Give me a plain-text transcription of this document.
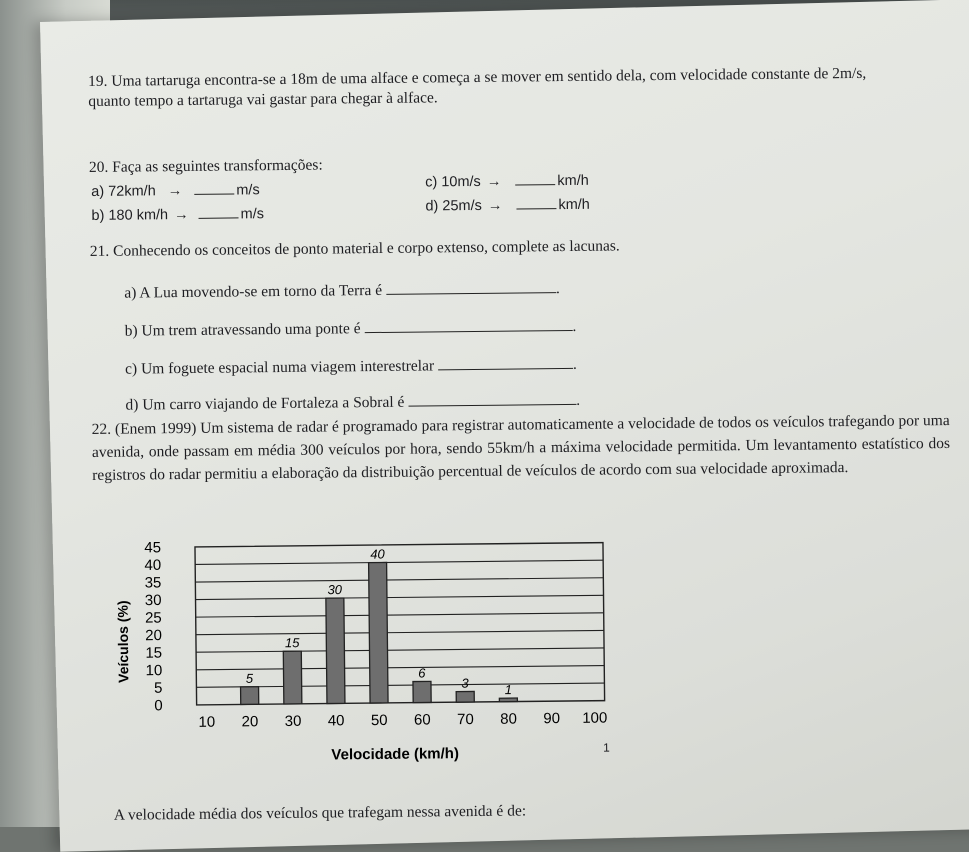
19. Uma tartaruga encontra-se a 18m de uma alface e começa a se mover em sentido dela, com velocidade constante de 2m/s, quanto tempo a tartaruga vai gastar para chegar à alface.

20. Faça as seguintes transformações:

a) 72km/h →	m/s
b) 180 km/h →	m/s
c) 10m/s →	km/h
d) 25m/s →	km/h

21. Conhecendo os conceitos de ponto material e corpo extenso, complete as lacunas.

a) A Lua movendo-se em torno da Terra é	.
b) Um trem atravessando uma ponte é	.
c) Um foguete espacial numa viagem interestrelar	.
d) Um carro viajando de Fortaleza a Sobral é	.

22. (Enem 1999) Um sistema de radar é programado para registrar automaticamente a velocidade de todos os veículos trafegando por uma avenida, onde passam em média 300 veículos por hora, sendo 55km/h a máxima velocidade permitida. Um levantamento estatístico dos registros do radar permitiu a elaboração da distribuição percentual de veículos de acordo com sua velocidade aproximada.

0
5
10
15
20
25
30
35
40
45
10 20 30 40 50 60 70 80 90 100
5
15
30
40
6
3	1
Veículos (%)
Velocidade (km/h)	1

A velocidade média dos veículos que trafegam nessa avenida é de:
